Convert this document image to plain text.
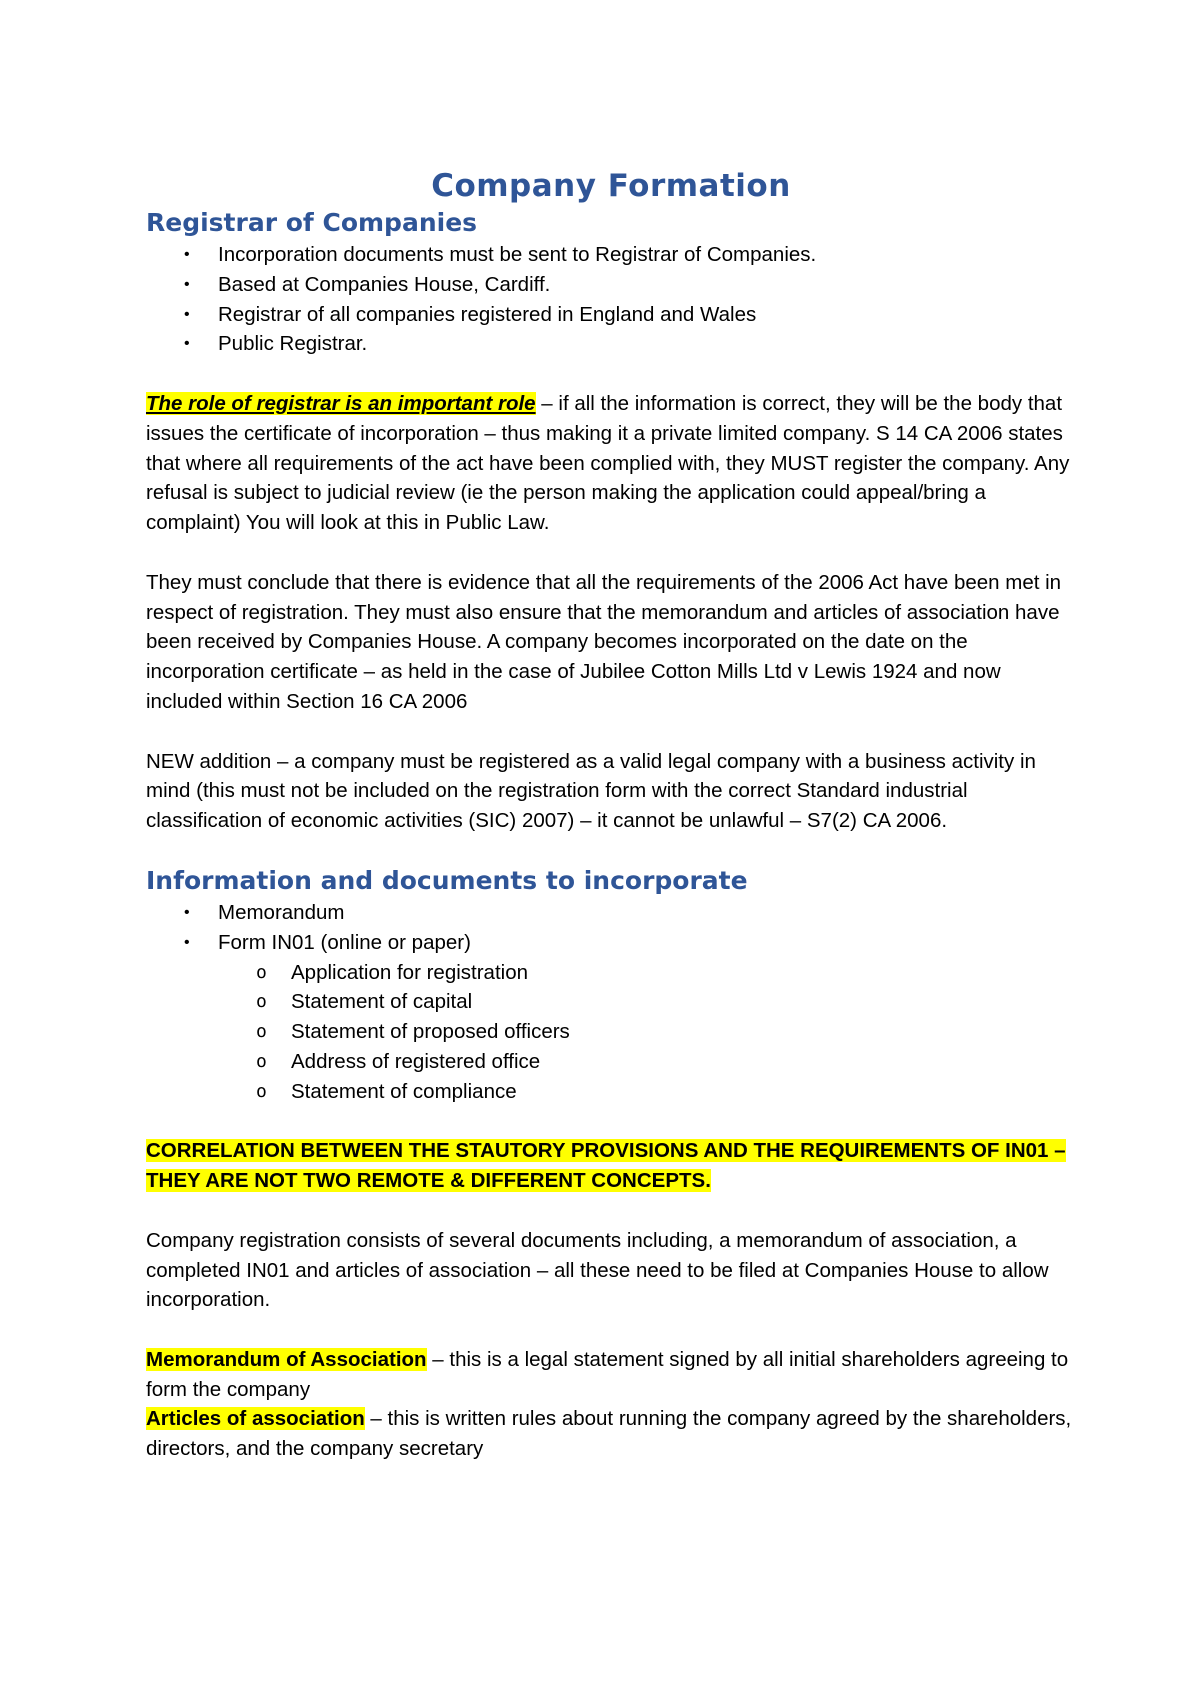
Company Formation
Registrar of Companies
• Incorporation documents must be sent to Registrar of Companies.
• Based at Companies House, Cardiff.
• Registrar of all companies registered in England and Wales
• Public Registrar.

The role of registrar is an important role – if all the information is correct, they will be the body that issues the certificate of incorporation – thus making it a private limited company. S 14 CA 2006 states that where all requirements of the act have been complied with, they MUST register the company. Any refusal is subject to judicial review (ie the person making the application could appeal/bring a complaint) You will look at this in Public Law.

They must conclude that there is evidence that all the requirements of the 2006 Act have been met in respect of registration. They must also ensure that the memorandum and articles of association have been received by Companies House. A company becomes incorporated on the date on the incorporation certificate – as held in the case of Jubilee Cotton Mills Ltd v Lewis 1924 and now included within Section 16 CA 2006

NEW addition – a company must be registered as a valid legal company with a business activity in mind (this must not be included on the registration form with the correct Standard industrial classification of economic activities (SIC) 2007) – it cannot be unlawful – S7(2) CA 2006.

Information and documents to incorporate
• Memorandum
• Form IN01 (online or paper)
o Application for registration
o Statement of capital
o Statement of proposed officers
o Address of registered office
o Statement of compliance

CORRELATION BETWEEN THE STAUTORY PROVISIONS AND THE REQUIREMENTS OF IN01 – THEY ARE NOT TWO REMOTE & DIFFERENT CONCEPTS.

Company registration consists of several documents including, a memorandum of association, a completed IN01 and articles of association – all these need to be filed at Companies House to allow incorporation.

Memorandum of Association – this is a legal statement signed by all initial shareholders agreeing to form the company

Articles of association – this is written rules about running the company agreed by the shareholders, directors, and the company secretary
